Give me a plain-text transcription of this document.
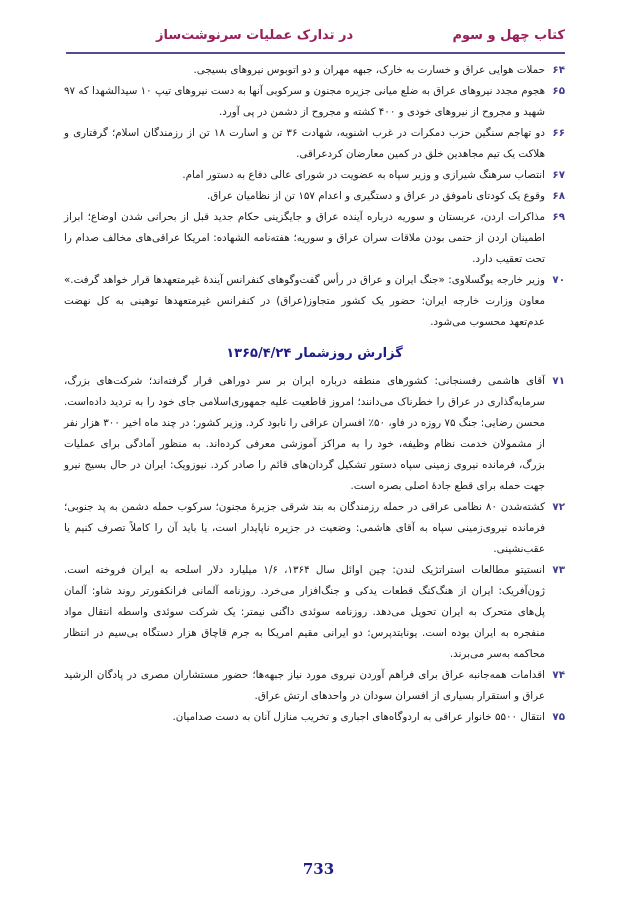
کتاب چهل و سوم
در تدارک عملیات سرنوشت‌ساز

۶۴
حملات هوایی عراق و خسارت به خارک، جبهه مهران و دو اتوبوس نیروهای بسیجی.

۶۵
هجوم مجدد نیروهای عراق به ضلع میانی جزیره مجنون و سرکوبی آنها به دست نیروهای تیپ ۱۰ سیدالشهدا که ۹۷ شهید و مجروح از نیروهای خودی و ۴۰۰ کشته و مجروح از دشمن در پی آورد.

۶۶
دو تهاجم سنگین حزب دمکرات در غرب اشنویه، شهادت ۳۶ تن و اسارت ۱۸ تن از رزمندگان اسلام؛ گرفتاری و هلاکت یک تیم مجاهدین خلق در کمین معارضان کردعراقی.

۶۷
انتصاب سرهنگ شیرازی و وزیر سپاه به عضویت در شورای عالی دفاع به دستور امام.

۶۸
وقوع یک کودتای ناموفق در عراق و دستگیری و اعدام ۱۵۷ تن از نظامیان عراق.

۶۹
مذاکرات اردن، عربستان و سوریه درباره آینده عراق و جایگزینی حکام جدید قبل از بحرانی شدن اوضاع؛ ابراز اطمینان اردن از حتمی بودن ملاقات سران عراق و سوریه؛ هفته‌نامه الشهاده: امریکا عراقی‌های مخالف صدام را تحت تعقیب دارد.

۷۰
وزیر خارجه یوگسلاوی: «جنگ ایران و عراق در رأس گفت‌وگوهای کنفرانس آیندهٔ غیرمتعهدها قرار خواهد گرفت.» معاون وزارت خارجه ایران: حضور یک کشور متجاوز(عراق) در کنفرانس غیرمتعهدها توهینی به کل نهضت عدم‌تعهد محسوب می‌شود.

گزارش روزشمار ۱۳۶۵/۴/۲۴

۷۱
آقای هاشمی رفسنجانی: کشورهای منطقه درباره ایران بر سر دوراهی قرار گرفته‌اند؛ شرکت‌های بزرگ، سرمایه‌گذاری در عراق را خطرناک می‌دانند؛ امروز قاطعیت علیه جمهوری‌اسلامی جای خود را به تردید داده‌است. محسن رضایی: جنگ ۷۵ روزه در فاو، ۵۰٪ افسران عراقی را نابود کرد. وزیر کشور: در چند ماه اخیر ۳۰۰ هزار نفر از مشمولان خدمت نظام وظیفه، خود را به مراکز آموزشی معرفی کرده‌اند. به منظور آمادگی برای عملیات بزرگ، فرمانده نیروی زمینی سپاه دستور تشکیل گردان‌های قائم را صادر کرد. نیوزویک: ایران در حال بسیج نیرو جهت حمله برای قطع جادهٔ اصلی بصره است.

۷۲
کشته‌شدن ۸۰ نظامی عراقی در حمله رزمندگان به بند شرقی جزیرهٔ مجنون؛ سرکوب حمله دشمن به پد جنوبی؛ فرمانده نیروی‌زمینی سپاه به آقای هاشمی: وضعیت در جزیره ناپایدار است، یا باید آن را کاملاً تصرف کنیم یا عقب‌نشینی.

۷۳
انستیتو مطالعات استراتژیک لندن: چین اوائل سال ۱۳۶۴، ۱/۶ میلیارد دلار اسلحه به ایران فروخته است. ژون‌آفریک: ایران از هنگ‌کنگ قطعات یدکی و جنگ‌افزار می‌خرد. روزنامه آلمانی فرانکفورتر روند شاو: آلمان پل‌های متحرک به ایران تحویل می‌دهد. روزنامه سوئدی داگنی نیمتر: یک شرکت سوئدی واسطه انتقال مواد منفجره به ایران بوده است. یونایتدپرس: دو ایرانی مقیم امریکا به جرم قاچاق هزار دستگاه بی‌سیم در انتظار محاکمه به‌سر می‌برند.

۷۴
اقدامات همه‌جانبه عراق برای فراهم آوردن نیروی مورد نیاز جبهه‌ها؛ حضور مستشاران مصری در پادگان الرشید عراق و استقرار بسیاری از افسران سودان در واحدهای ارتش عراق.

۷۵
انتقال ۵۵۰۰ خانوار عراقی به اردوگاه‌های اجباری و تخریب منازل آنان به دست صدامیان.

733
